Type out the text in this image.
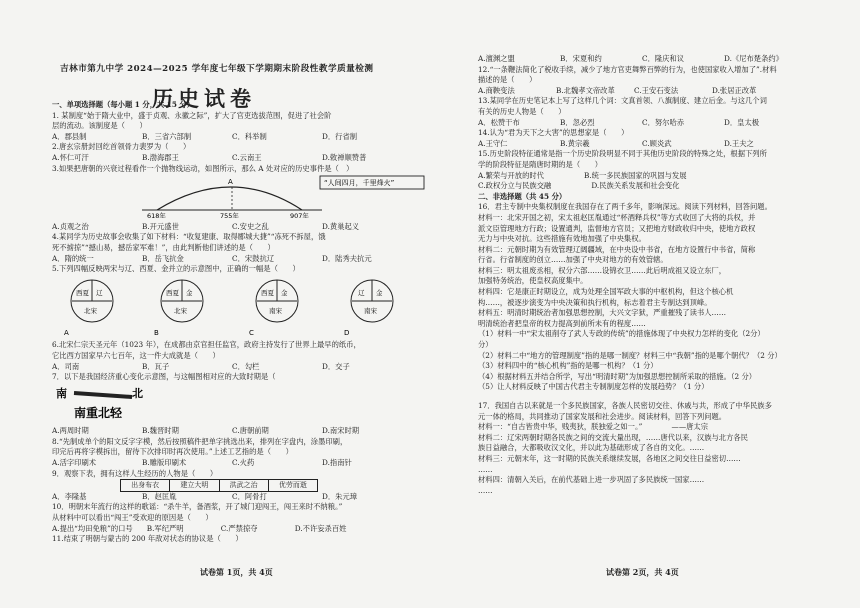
吉林市第九中学 2024—2025 学年度七年级下学期期末阶段性教学质量检测
历史试卷
一、单项选择题（每小题 1 分，共 15 分）
1. 某制度“始于隋大业中，盛于贞观、永徽之际”，扩大了官吏选拔范围，促进了社会阶
层的流动。该制度是（　　）
A．郡县制	B．三省六部制	C．科举制	D．行省制
2.唐玄宗册封回纥首领骨力裴罗为（　　）
A.怀仁可汗	B.渤海郡王	C.云南王	D.敕禅顺赞普
3.如果把唐朝的兴衰过程看作一个抛物线运动，如图所示，那么 A 处对应的历史事件是（　）
A
618年	755年	907年
“人间四月，千里烽火”
A.贞观之治	B.开元盛世	C.安史之乱	D.黄巢起义
4.某同学为历史故事会收集了如下材料：“收复建康、取得郾城大捷”“冻死不拆屋，饿
死不掳掠”“撼山易，撼岳家军难！”，由此判断他们讲述的是（　　）
A．隋的统一	B．岳飞抗金	C．宋鼓抗辽	D．陆秀夫抗元
5.下列四幅反映两宋与辽、西夏、金并立的示意图中，正确的一幅是（　　）
西夏 辽
北宋
A
西夏 金
北宋
B
西夏 金
南宋
C
辽 金
南宋
D
6.北宋仁宗天圣元年（1023 年），在成都由京官担任监官，政府主持发行了世界上最早的纸币，
它比西方国家早六七百年，这一件大成就是（　　）
A．司南	B．瓦子	C．勾栏	D．交子
7．以下是我国经济重心变化示意图，与这幅图相对应的大致时期是（　
南	北
南重北轻
A.两周时期	B.魏晋时期	C.唐朝前期	D.南宋时期
8.“先制成单个的阳文反字字模，然后按照稿件把单字挑选出来，排列在字盘内，涂墨印刷，
印完后再将字模拆出，留待下次排印时再次使用。”上述工艺指的是（　　）
A.活字印刷术	B.雕版印刷术	C.火药	D.指南针
9．观察下表，拥有这样人生经历的人物是（　　）
出身布衣	建立大明	洪武之治	优劳而逝
A．李隆基	B．赵匡胤	C．阿骨打	D．朱元璋
10．明朝末年流行的这样的歌谣：“杀牛羊，备酒浆，开了城门迎闯王，闯王来时不纳粮。”
从材料中可以看出“闯王”受欢迎的原因是（　　）
A.提出“均田免粮”的口号 B.军纪严明	C.严禁掠夺	D.不许妄杀百姓
11.结束了明朝与蒙古的 200 年敌对状态的协议是（　　）
A.澶渊之盟	B．宋夏和约	C．隆庆和议	D.《尼布楚条约》
12.“一条鞭法简化了税收手续，减少了地方官吏舞弊百弊的行为，也使国家收入增加了”.材料
描述的是（　　）
A.商鞅变法	B.北魏孝文帝改革	C.王安石变法	D.张居正改革
13.某同学在历史笔记本上写了这样几个词：文真首领、八旗制度、建立后金。与这几个词
有关的历史人物是（　　）
A．松赞干布	B．忽必烈	C．努尔哈赤	D．皇太极
14.认为“君为天下之大害”的思想家是（　　）
A.王守仁	B.黄宗羲	C.顾炎武	D.王夫之
15.历史阶段特征通常是指一个历史阶段明显不同于其他历史阶段的特殊之处，根据下列所
学的阶段特征是隋唐时期的是（　　）
A.繁荣与开放的时代	B.统一多民族国家的巩固与发展
C.政权分立与民族交融	D.民族关系发展和社会变化
二、非选择题（共 45 分）
16．君主专制中央集权制度在我国存在了两千多年，影响深远。阅读下列材料，回答问题。
材料一：北宋开国之初，宋太祖赵匡胤通过“杯酒释兵权”等方式收回了大将的兵权，并
派文臣管理地方行政；设置通判，监督地方官员；又把地方财政收归中央，使地方政权
无力与中央对抗。这些措施有效地加强了中央集权。
材料二：元朝时期为有效管理辽阔疆域，在中央设中书省，在地方设置行中书省，简称
行省。行省制度的创立……加强了中央对地方的有效管辖。
材料三：明太祖废丞相，权分六部……设锦衣卫……此后明成祖又设立东厂，
加强特务统治，使皇权高度集中。
材料四：它是康正时期设立，成为处理全国军政大事的中枢机构，但这个核心机
构……，被逐步演变为中央决策和执行机构，标志着君主专制达到顶峰。
材料五：明清时期统治者加强思想控制，大兴文字狱，严重摧残了读书人……
明清统治者把皇帝的权力提高到前所未有的程度……
（1）材料一中“宋太祖削夺了武人专政的传统”的措施体现了中央权力怎样的变化（2分）
分）
（2）材料二中“地方的管理制度”指的是哪一制度？材料三中“我朝”指的是哪个朝代？（2 分）
（3）材料四中的“核心机构”指的是哪一机构？（1 分）
（4）根据材料五并结合所学，写出“明清时期”为加强思想控制所采取的措施。（2 分）
（5）让人材料反映了中国古代君主专制制度怎样的发展趋势？（1 分）
17．我国自古以来就是一个多民族国家，各族人民密切交往、休戚与共，形成了中华民族多
元一体的格局，共同推动了国家发展和社会进步。阅读材料，回答下列问题。
材料一：“自古皆贵中华，贱夷狄，朕独爱之如一。”　　　　——唐太宗
材料二：辽宋两朝时期各民族之间的交流大量出现，……唐代以来，汉族与北方各民
族日益融合，大都吸收汉文化，并以此为基础形成了各自的文化。……
材料三：元朝末年，这一时期的民族关系继续发展，各地区之间交往日益密切……
……
材料四：清朝入关后，在前代基础上进一步巩固了多民族统一国家……
……
试卷第 1页，共 4页	试卷第 2页，共 4页
